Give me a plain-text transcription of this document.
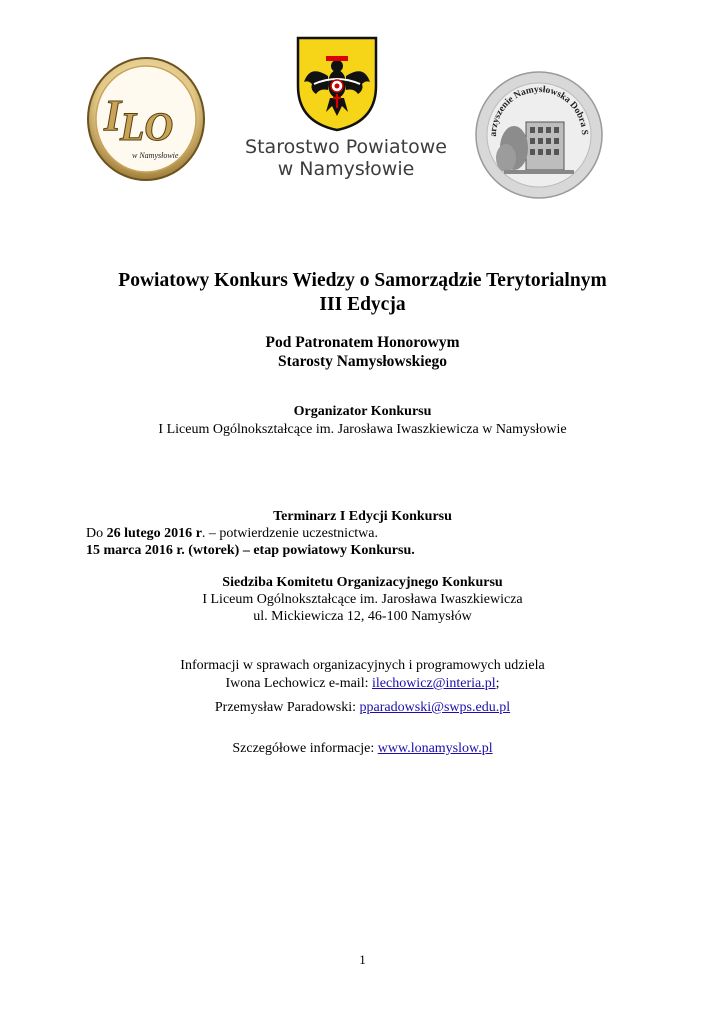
I
LO
w Namysłowie	Starostwo Powiatowe
w Namysłowie
arzyszenie Namysłowska Dobra S
Powiatowy Konkurs Wiedzy o Samorządzie Terytorialnym
III Edycja
Pod Patronatem Honorowym
Starosty Namysłowskiego
Organizator Konkursu
I Liceum Ogólnokształcące im. Jarosława Iwaszkiewicza w Namysłowie
Terminarz I Edycji Konkursu
Do 26 lutego 2016 r. – potwierdzenie uczestnictwa.
15 marca 2016 r. (wtorek) – etap powiatowy Konkursu.
Siedziba Komitetu Organizacyjnego Konkursu
I Liceum Ogólnokształcące im. Jarosława Iwaszkiewicza
ul. Mickiewicza 12, 46-100 Namysłów
Informacji w sprawach organizacyjnych i programowych udziela
Iwona Lechowicz e-mail: ilechowicz@interia.pl;
Przemysław Paradowski: pparadowski@swps.edu.pl
Szczegółowe informacje: www.lonamyslow.pl
1
